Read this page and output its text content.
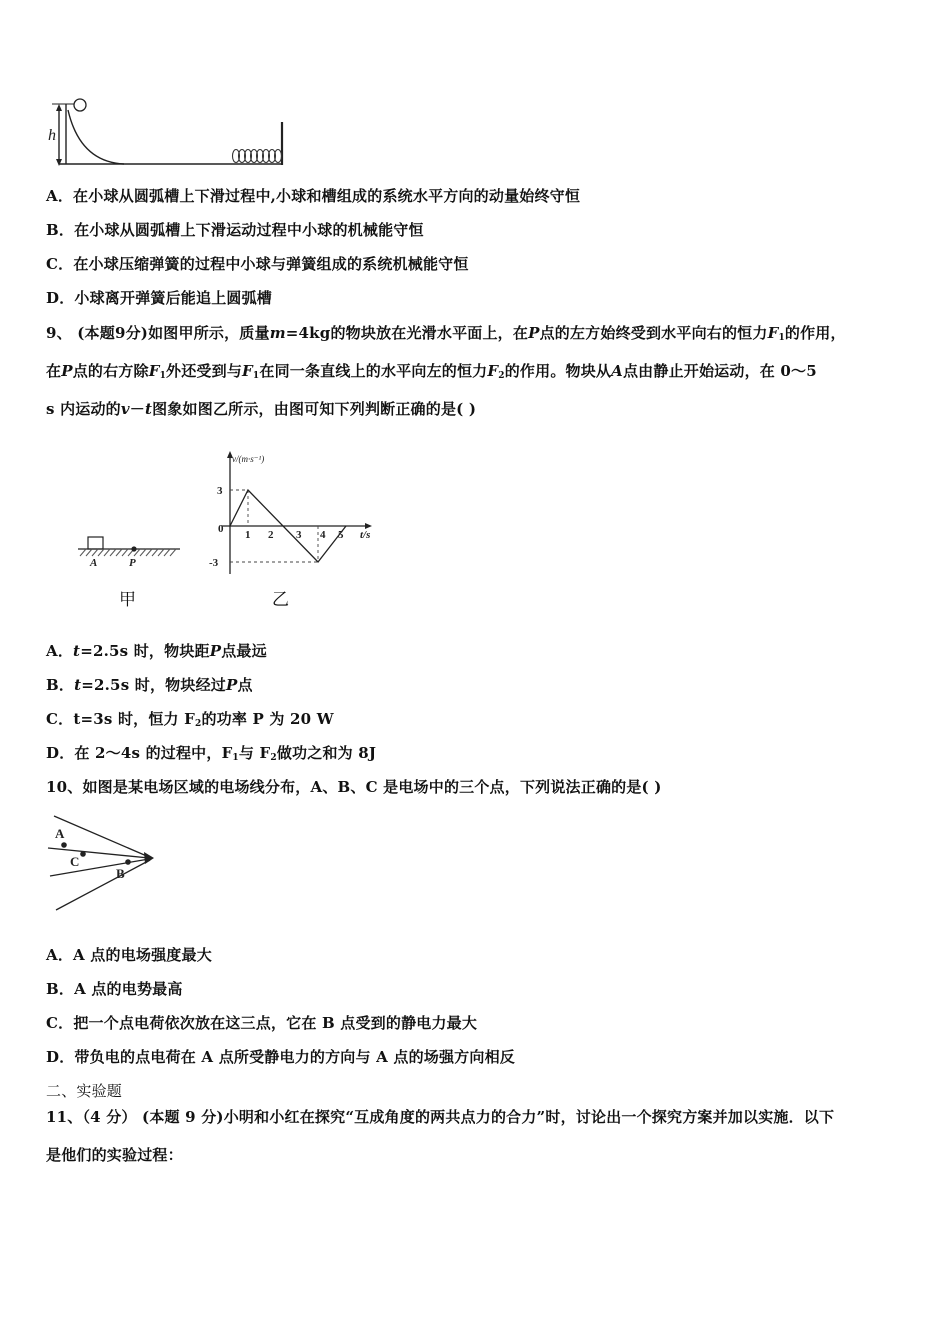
h
A．在小球从圆弧槽上下滑过程中,小球和槽组成的系统水平方向的动量始终守恒
B．在小球从圆弧槽上下滑运动过程中小球的机械能守恒
C．在小球压缩弹簧的过程中小球与弹簧组成的系统机械能守恒
D．小球离开弹簧后能追上圆弧槽
9、 (本题9分)如图甲所示，质量m=4kg的物块放在光滑水平面上，在P点的左方始终受到水平向右的恒力$F_1$的作用，
在P点的右方除$F_1$外还受到与$F_1$在同一条直线上的水平向左的恒力$F_2$的作用。物块从A点由静止开始运动，在 0～5
s 内运动的v－t图象如图乙所示，由图可知下列判断正确的是( )
A	P
甲
v/(m·s⁻¹)
t/s
3
0
-3
1 2 3 4 5
乙
A．t=2.5s 时，物块距P点最远
B．t=2.5s 时，物块经过P点
C．t=3s 时，恒力 $F_2$的功率 P 为 20 W
D．在 2～4s 的过程中，$F_1$与 $F_2$做功之和为 8J
10、如图是某电场区域的电场线分布，A、B、C 是电场中的三个点，下列说法正确的是( )
A
C
B
A．A 点的电场强度最大
B．A 点的电势最高
C．把一个点电荷依次放在这三点，它在 B 点受到的静电力最大
D．带负电的点电荷在 A 点所受静电力的方向与 A 点的场强方向相反
二、实验题
11、（4 分） (本题 9 分)小明和小红在探究“互成角度的两共点力的合力”时，讨论出一个探究方案并加以实施．以下
是他们的实验过程：
